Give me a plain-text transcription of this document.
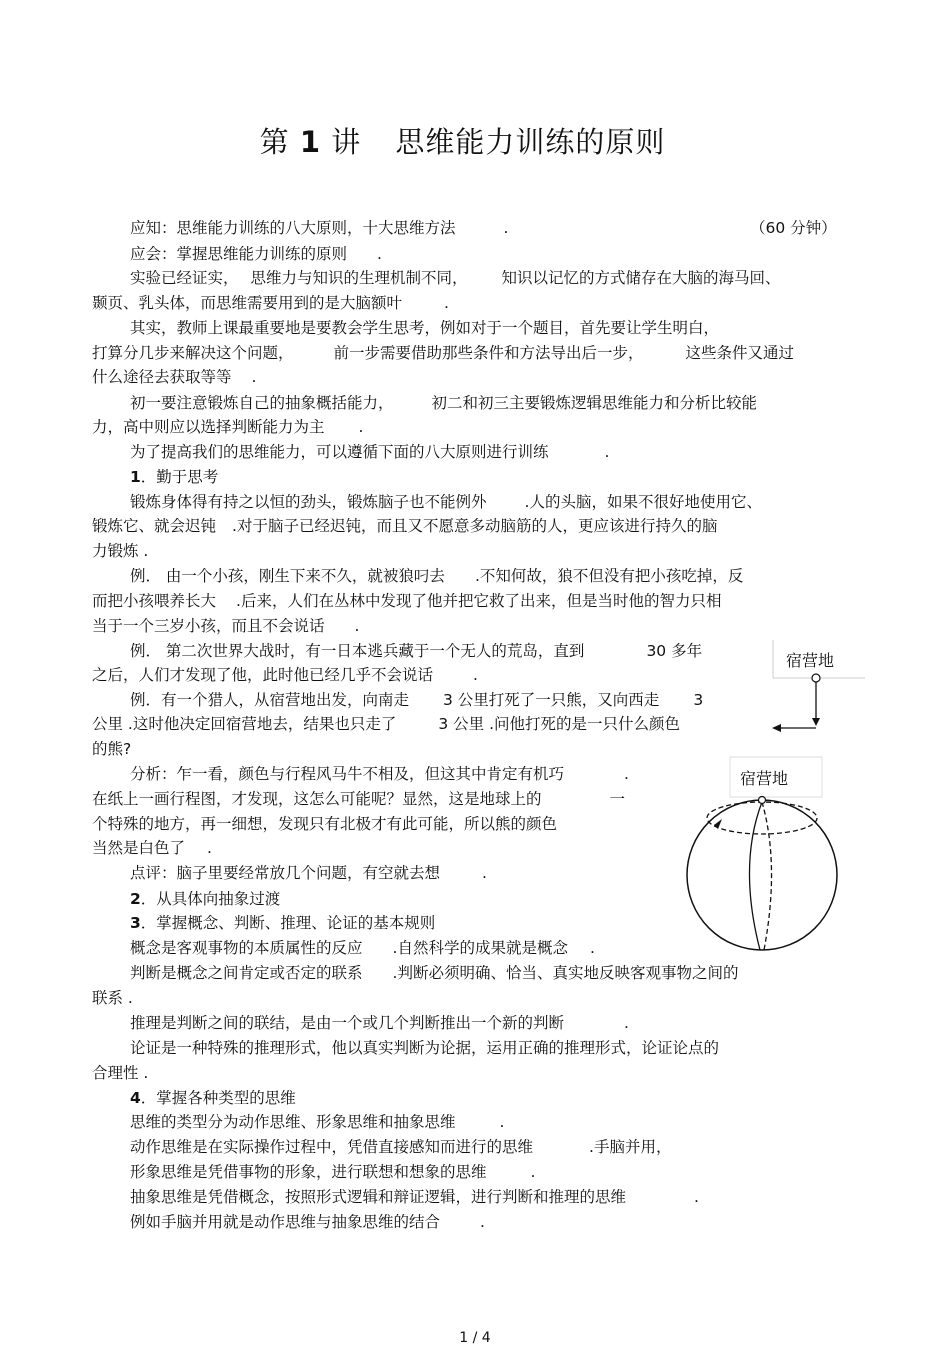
第 1 讲 思维能力训练的原则
应知：思维能力训练的八大原则，十大思维方法	.	（60 分钟）
应会：掌握思维能力训练的原则 .
实验已经证实， 思维力与知识的生理机制不同， 知识以记忆的方式储存在大脑的海马回、
颞页、乳头体，而思维需要用到的是大脑额叶	.
其实，教师上课最重要地是要教会学生思考，例如对于一个题目，首先要让学生明白，
打算分几步来解决这个问题，	前一步需要借助那些条件和方法导出后一步，	这些条件又通过
什么途径去获取等等 .
初一要注意锻炼自己的抽象概括能力， 初二和初三主要锻炼逻辑思维能力和分析比较能
力，高中则应以选择判断能力为主 .
为了提高我们的思维能力，可以遵循下面的八大原则进行训练	.
1．勤于思考
锻炼身体得有持之以恒的劲头，锻炼脑子也不能例外 .人的头脑，如果不很好地使用它、
锻炼它、就会迟钝 .对于脑子已经迟钝，而且又不愿意多动脑筋的人，更应该进行持久的脑
力锻炼 .
例． 由一个小孩，刚生下来不久，就被狼叼去 .不知何故，狼不但没有把小孩吃掉，反
而把小孩喂养长大 .后来，人们在丛林中发现了他并把它救了出来，但是当时他的智力只相
当于一个三岁小孩，而且不会说话 .
例． 第二次世界大战时，有一日本逃兵藏于一个无人的荒岛，直到	30 多年
之后，人们才发现了他，此时他已经几乎不会说话	.
例．有一个猎人，从宿营地出发，向南走 3 公里打死了一只熊，又向西走 3
公里 .这时他决定回宿营地去，结果也只走了	3 公里 .问他打死的是一只什么颜色
的熊?
分析：乍一看，颜色与行程风马牛不相及，但这其中肯定有机巧	.
在纸上一画行程图，才发现，这怎么可能呢？显然，这是地球上的	一
个特殊的地方，再一细想，发现只有北极才有此可能，所以熊的颜色
当然是白色了 .
点评：脑子里要经常放几个问题，有空就去想	.
2．从具体向抽象过渡
3．掌握概念、判断、推理、论证的基本规则
概念是客观事物的本质属性的反应 .自然科学的成果就是概念 .
判断是概念之间肯定或否定的联系 .判断必须明确、恰当、真实地反映客观事物之间的
联系 .
推理是判断之间的联结，是由一个或几个判断推出一个新的判断	.
论证是一种特殊的推理形式，他以真实判断为论据，运用正确的推理形式，论证论点的
合理性 .
4．掌握各种类型的思维
思维的类型分为动作思维、形象思维和抽象思维	.
动作思维是在实际操作过程中，凭借直接感知而进行的思维	.手脑并用，
形象思维是凭借事物的形象，进行联想和想象的思维	.
抽象思维是凭借概念，按照形式逻辑和辩证逻辑，进行判断和推理的思维	.
例如手脑并用就是动作思维与抽象思维的结合	.
宿营地
宿营地
1 / 4
